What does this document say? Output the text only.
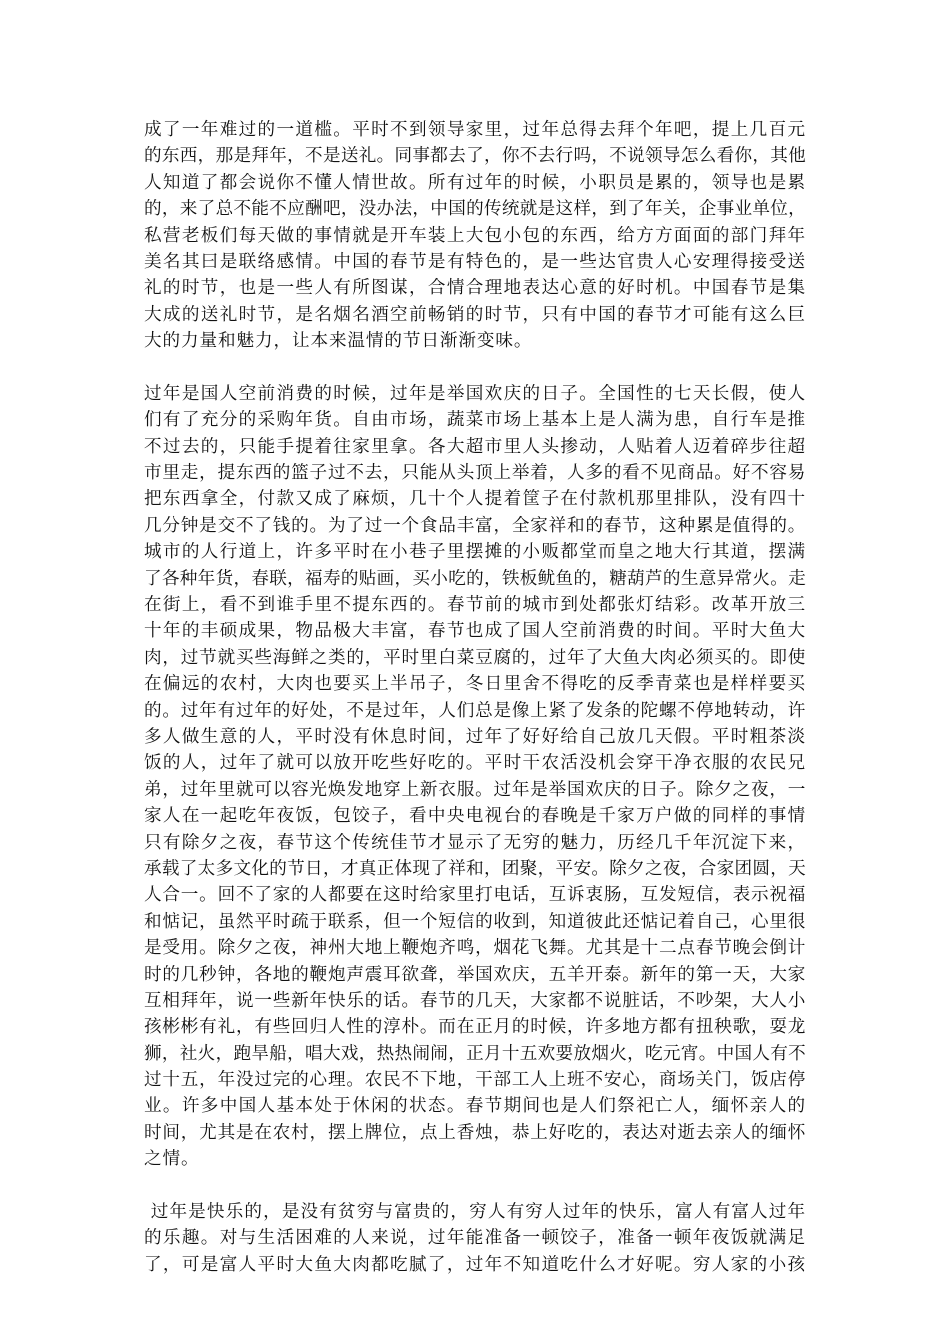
成了一年难过的一道槛。平时不到领导家里，过年总得去拜个年吧，提上几百元
的东西，那是拜年，不是送礼。同事都去了，你不去行吗，不说领导怎么看你，其他
人知道了都会说你不懂人情世故。所有过年的时候，小职员是累的，领导也是累
的，来了总不能不应酬吧，没办法，中国的传统就是这样，到了年关，企事业单位，
私营老板们每天做的事情就是开车装上大包小包的东西，给方方面面的部门拜年
美名其曰是联络感情。中国的春节是有特色的，是一些达官贵人心安理得接受送
礼的时节，也是一些人有所图谋，合情合理地表达心意的好时机。中国春节是集
大成的送礼时节，是名烟名酒空前畅销的时节，只有中国的春节才可能有这么巨
大的力量和魅力，让本来温情的节日渐渐变味。
过年是国人空前消费的时候，过年是举国欢庆的日子。全国性的七天长假，使人
们有了充分的采购年货。自由市场，蔬菜市场上基本上是人满为患，自行车是推
不过去的，只能手提着往家里拿。各大超市里人头掺动，人贴着人迈着碎步往超
市里走，提东西的篮子过不去，只能从头顶上举着，人多的看不见商品。好不容易
把东西拿全，付款又成了麻烦，几十个人提着筐子在付款机那里排队，没有四十
几分钟是交不了钱的。为了过一个食品丰富，全家祥和的春节，这种累是值得的。
城市的人行道上，许多平时在小巷子里摆摊的小贩都堂而皇之地大行其道，摆满
了各种年货，春联，福寿的贴画，买小吃的，铁板鱿鱼的，糖葫芦的生意异常火。走
在街上，看不到谁手里不提东西的。春节前的城市到处都张灯结彩。改革开放三
十年的丰硕成果，物品极大丰富，春节也成了国人空前消费的时间。平时大鱼大
肉，过节就买些海鲜之类的，平时里白菜豆腐的，过年了大鱼大肉必须买的。即使
在偏远的农村，大肉也要买上半吊子，冬日里舍不得吃的反季青菜也是样样要买
的。过年有过年的好处，不是过年，人们总是像上紧了发条的陀螺不停地转动，许
多人做生意的人，平时没有休息时间，过年了好好给自己放几天假。平时粗茶淡
饭的人，过年了就可以放开吃些好吃的。平时干农活没机会穿干净衣服的农民兄
弟，过年里就可以容光焕发地穿上新衣服。过年是举国欢庆的日子。除夕之夜，一
家人在一起吃年夜饭，包饺子，看中央电视台的春晚是千家万户做的同样的事情
只有除夕之夜，春节这个传统佳节才显示了无穷的魅力，历经几千年沉淀下来，
承载了太多文化的节日，才真正体现了祥和，团聚，平安。除夕之夜，合家团圆，天
人合一。回不了家的人都要在这时给家里打电话，互诉衷肠，互发短信，表示祝福
和惦记，虽然平时疏于联系，但一个短信的收到，知道彼此还惦记着自己，心里很
是受用。除夕之夜，神州大地上鞭炮齐鸣，烟花飞舞。尤其是十二点春节晚会倒计
时的几秒钟，各地的鞭炮声震耳欲聋，举国欢庆，五羊开泰。新年的第一天，大家
互相拜年，说一些新年快乐的话。春节的几天，大家都不说脏话，不吵架，大人小
孩彬彬有礼，有些回归人性的淳朴。而在正月的时候，许多地方都有扭秧歌，耍龙
狮，社火，跑旱船，唱大戏，热热闹闹，正月十五欢要放烟火，吃元宵。中国人有不
过十五，年没过完的心理。农民不下地，干部工人上班不安心，商场关门，饭店停
业。许多中国人基本处于休闲的状态。春节期间也是人们祭祀亡人，缅怀亲人的
时间，尤其是在农村，摆上牌位，点上香烛，恭上好吃的，表达对逝去亲人的缅怀
之情。
过年是快乐的，是没有贫穷与富贵的，穷人有穷人过年的快乐，富人有富人过年
的乐趣。对与生活困难的人来说，过年能准备一顿饺子，准备一顿年夜饭就满足
了，可是富人平时大鱼大肉都吃腻了，过年不知道吃什么才好呢。穷人家的小孩
